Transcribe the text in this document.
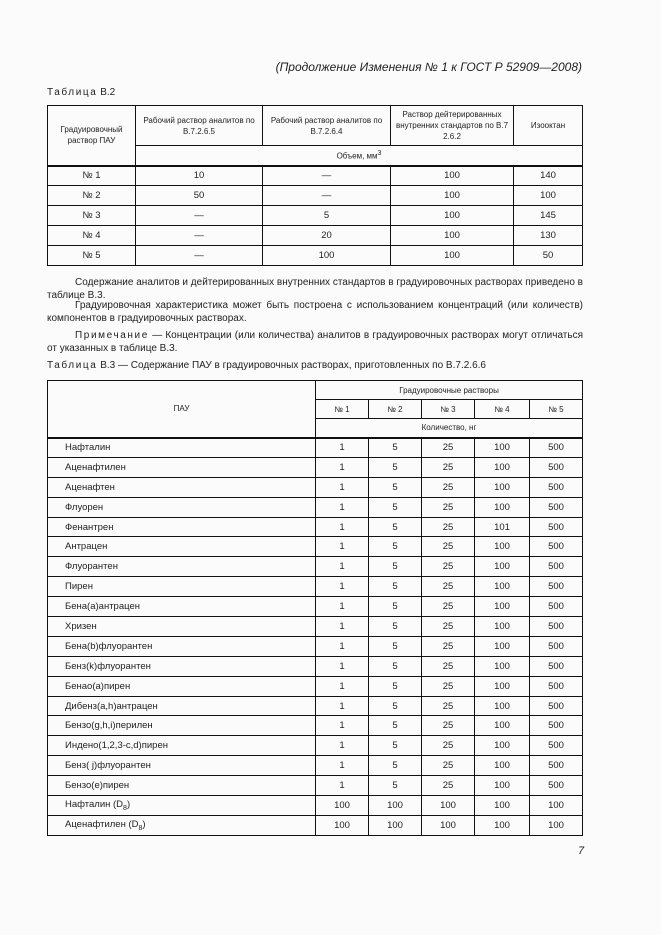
(Продолжение Изменения № 1 к ГОСТ Р 52909—2008)
Таблица В.2
Градуировочный раствор ПАУ	Рабочий раствор аналитов по В.7.2.6.5	Рабочий раствор аналитов по В.7.2.6.4	Раствор дейтерированных внутренних стандартов по В.7 2.6.2	Изооктан
	Объем, $мм^3$
№ 1	10	—	100	140
№ 2	50	—	100	100
№ 3	—	5	100	145
№ 4	—	20	100	130
№ 5	—	100	100	50
Содержание аналитов и дейтерированных внутренних стандартов в градуировочных растворах приведено в таблице В.3.
Градуировочная характеристика может быть построена с использованием концентраций (или количеств) компонентов в градуировочных растворах.
Примечание — Концентрации (или количества) аналитов в градуировочных растворах могут отличаться от указанных в таблице В.3.
Таблица В.3 — Содержание ПАУ в градуировочных растворах, приготовленных по В.7.2.6.6
ПАУ	Градуировочные растворы				
	№ 1	№ 2	№ 3	№ 4	№ 5
	Количество, нг				
Нафталин	1	5	25	100	500
Аценафтилен	1	5	25	100	500
Аценафтен	1	5	25	100	500
Флуорен	1	5	25	100	500
Фенантрен	1	5	25	101	500
Антрацен	1	5	25	100	500
Флуорантен	1	5	25	100	500
Пирен	1	5	25	100	500
Бена(а)антрацен	1	5	25	100	500
Хризен	1	5	25	100	500
Бена(b)флуорантен	1	5	25	100	500
Бенз(k)флуорантен	1	5	25	100	500
Бенао(а)пирен	1	5	25	100	500
Дибенз(а,h)антрацен	1	5	25	100	500
Бензо(g,h,i)перилен	1	5	25	100	500
Индено(1,2,3-c,d)пирен	1	5	25	100	500
Бенз( j)флуорантен	1	5	25	100	500
Бензо(е)пирен	1	5	25	100	500
Нафталин $(D_8)$	100	100	100	100	100
Аценафтилен $(D_8)$	100	100	100	100	100
7
